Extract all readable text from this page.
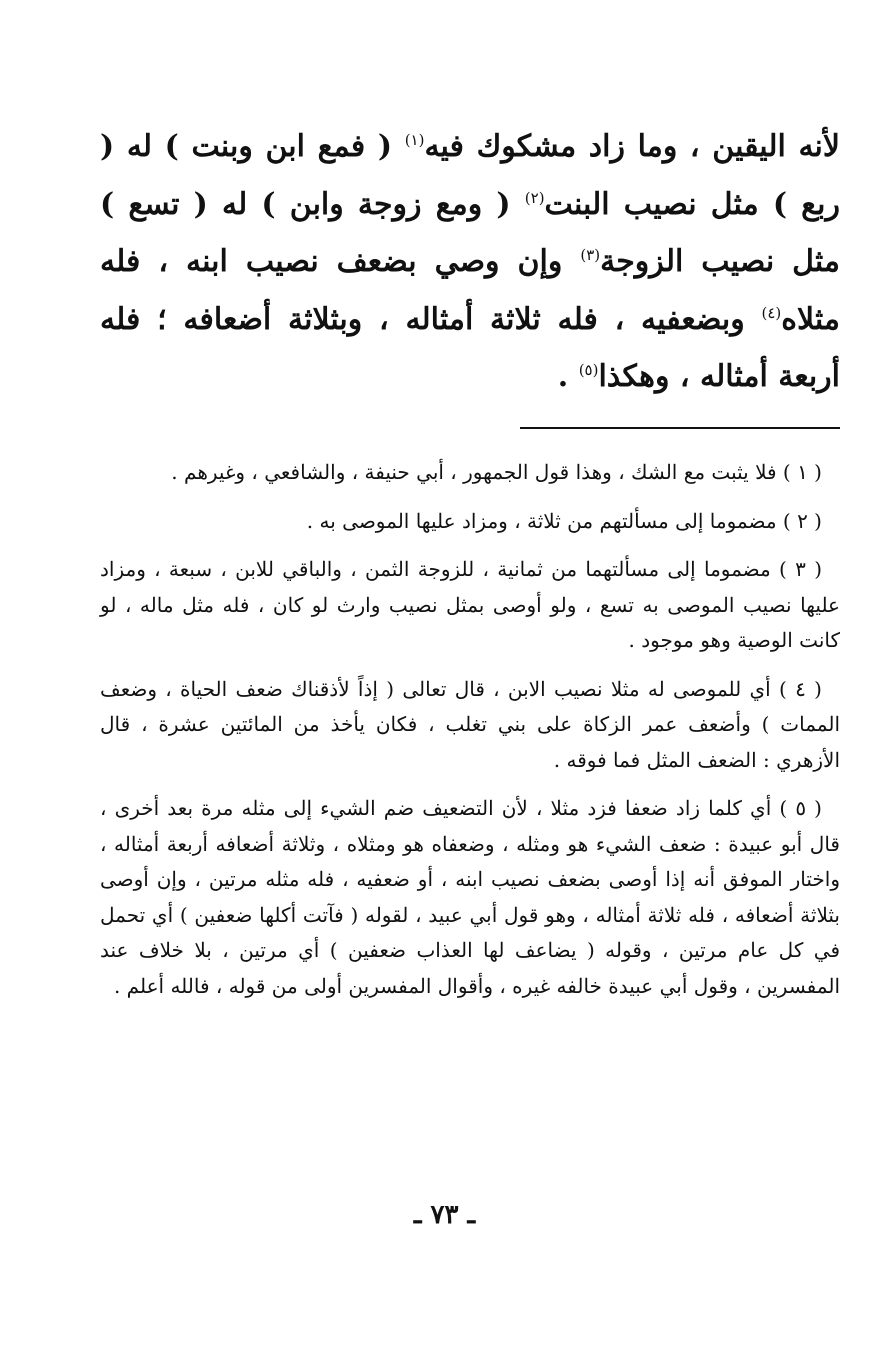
لأنه اليقين ، وما زاد مشكوك فيه$^{(١)}$ ( فمع ابن وبنت ) له ( ربع ) مثل نصيب البنت$^{(٢)}$ ( ومع زوجة وابن ) له ( تسع ) مثل نصيب الزوجة$^{(٣)}$ وإن وصي بضعف نصيب ابنه ، فله مثلاه$^{(٤)}$ وبضعفيه ، فله ثلاثة أمثاله ، وبثلاثة أضعافه ؛ فله أربعة أمثاله ، وهكذا$^{(٥)}$ .

( ١ ) فلا يثبت مع الشك ، وهذا قول الجمهور ، أبي حنيفة ، والشافعي ، وغيرهم .

( ٢ ) مضموما إلى مسألتهم من ثلاثة ، ومزاد عليها الموصى به .

( ٣ ) مضموما إلى مسألتهما من ثمانية ، للزوجة الثمن ، والباقي للابن ، سبعة ، ومزاد عليها نصيب الموصى به تسع ، ولو أوصى بمثل نصيب وارث لو كان ، فله مثل ماله ، لو كانت الوصية وهو موجود .

( ٤ ) أي للموصى له مثلا نصيب الابن ، قال تعالى ( إذاً لأذقناك ضعف الحياة ، وضعف الممات ) وأضعف عمر الزكاة على بني تغلب ، فكان يأخذ من المائتين عشرة ، قال الأزهري : الضعف المثل فما فوقه .

( ٥ ) أي كلما زاد ضعفا فزد مثلا ، لأن التضعيف ضم الشيء إلى مثله مرة بعد أخرى ، قال أبو عبيدة : ضعف الشيء هو ومثله ، وضعفاه هو ومثلاه ، وثلاثة أضعافه أربعة أمثاله ، واختار الموفق أنه إذا أوصى بضعف نصيب ابنه ، أو ضعفيه ، فله مثله مرتين ، وإن أوصى بثلاثة أضعافه ، فله ثلاثة أمثاله ، وهو قول أبي عبيد ، لقوله ( فآتت أكلها ضعفين ) أي تحمل في كل عام مرتين ، وقوله ( يضاعف لها العذاب ضعفين ) أي مرتين ، بلا خلاف عند المفسرين ، وقول أبي عبيدة خالفه غيره ، وأقوال المفسرين أولى من قوله ، فالله أعلم .

ـ ٧٣ ـ
